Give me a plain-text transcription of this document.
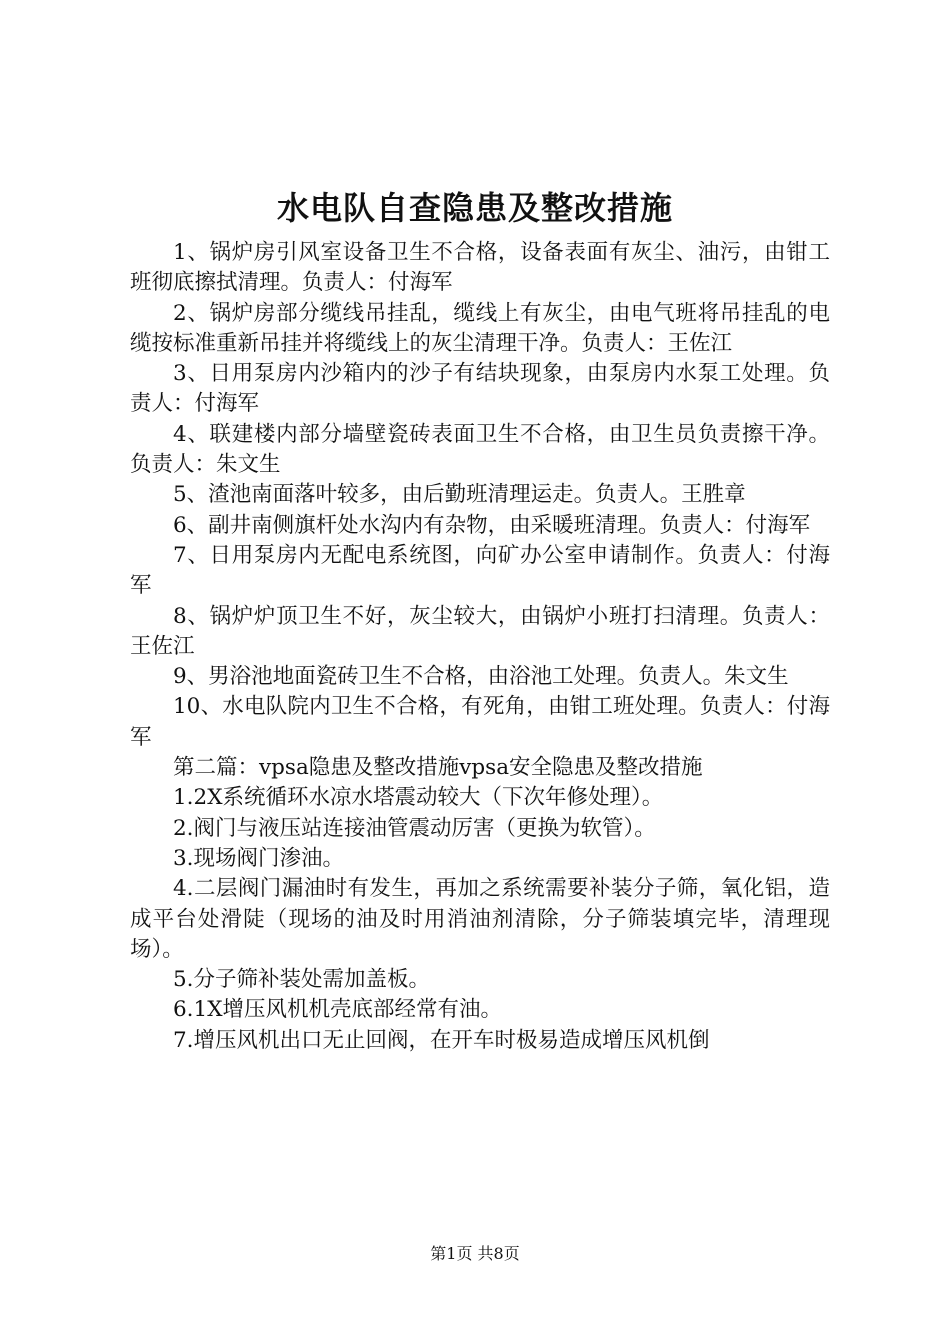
水电队自查隐患及整改措施

1、锅炉房引风室设备卫生不合格，设备表面有灰尘、油污，由钳工班彻底擦拭清理。负责人：付海军

2、锅炉房部分缆线吊挂乱，缆线上有灰尘，由电气班将吊挂乱的电缆按标准重新吊挂并将缆线上的灰尘清理干净。负责人：王佐江

3、日用泵房内沙箱内的沙子有结块现象，由泵房内水泵工处理。负责人：付海军

4、联建楼内部分墙壁瓷砖表面卫生不合格，由卫生员负责擦干净。负责人：朱文生

5、渣池南面落叶较多，由后勤班清理运走。负责人。王胜章

6、副井南侧旗杆处水沟内有杂物，由采暖班清理。负责人：付海军

7、日用泵房内无配电系统图，向矿办公室申请制作。负责人：付海军

8、锅炉炉顶卫生不好，灰尘较大，由锅炉小班打扫清理。负责人：王佐江

9、男浴池地面瓷砖卫生不合格，由浴池工处理。负责人。朱文生

10、水电队院内卫生不合格，有死角，由钳工班处理。负责人：付海军

第二篇：vpsa隐患及整改措施vpsa安全隐患及整改措施

1.2X系统循环水凉水塔震动较大（下次年修处理）。

2.阀门与液压站连接油管震动厉害（更换为软管）。

3.现场阀门渗油。

4.二层阀门漏油时有发生，再加之系统需要补装分子筛，氧化铝，造成平台处滑陡（现场的油及时用消油剂清除，分子筛装填完毕，清理现场）。

5.分子筛补装处需加盖板。

6.1X增压风机机壳底部经常有油。

7.增压风机出口无止回阀，在开车时极易造成增压风机倒

第1页 共8页
